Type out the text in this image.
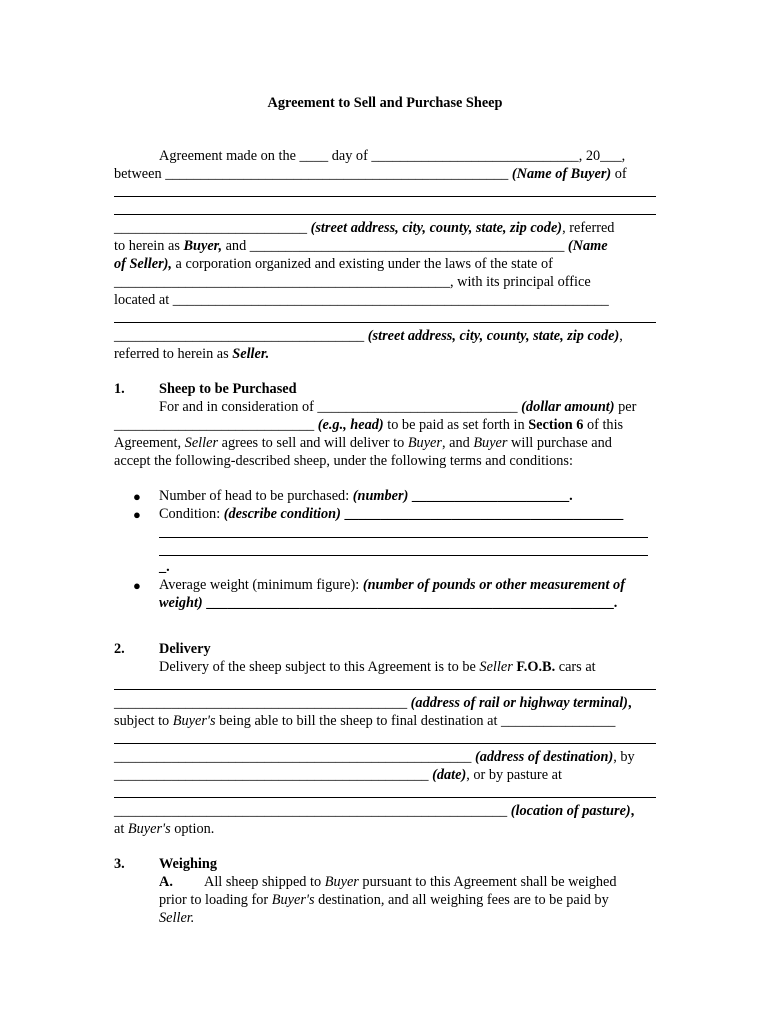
Agreement to Sell and Purchase Sheep
Agreement made on the ____ day of _____________________________, 20___,
between ________________________________________________ (Name of Buyer) of
___________________________ (street address, city, county, state, zip code), referred
to herein as Buyer, and ____________________________________________ (Name
of Seller), a corporation organized and existing under the laws of the state of
_______________________________________________, with its principal office
located at _____________________________________________________________
___________________________________ (street address, city, county, state, zip code),
referred to herein as Seller.
1. Sheep to be Purchased
For and in consideration of ____________________________ (dollar amount) per
____________________________ (e.g., head) to be paid as set forth in Section 6 of this
Agreement, Seller agrees to sell and will deliver to Buyer, and Buyer will purchase and
accept the following-described sheep, under the following terms and conditions:
● Number of head to be purchased: (number) ______________________.
● Condition: (describe condition) _______________________________________
_.
● Average weight (minimum figure): (number of pounds or other measurement of
weight) _________________________________________________________.
2. Delivery
Delivery of the sheep subject to this Agreement is to be Seller F.O.B. cars at
_________________________________________ (address of rail or highway terminal),
subject to Buyer's being able to bill the sheep to final destination at ________________
__________________________________________________ (address of destination), by
____________________________________________ (date), or by pasture at
_______________________________________________________ (location of pasture),
at Buyer's option.
3. Weighing
A. All sheep shipped to Buyer pursuant to this Agreement shall be weighed
prior to loading for Buyer's destination, and all weighing fees are to be paid by
Seller.
